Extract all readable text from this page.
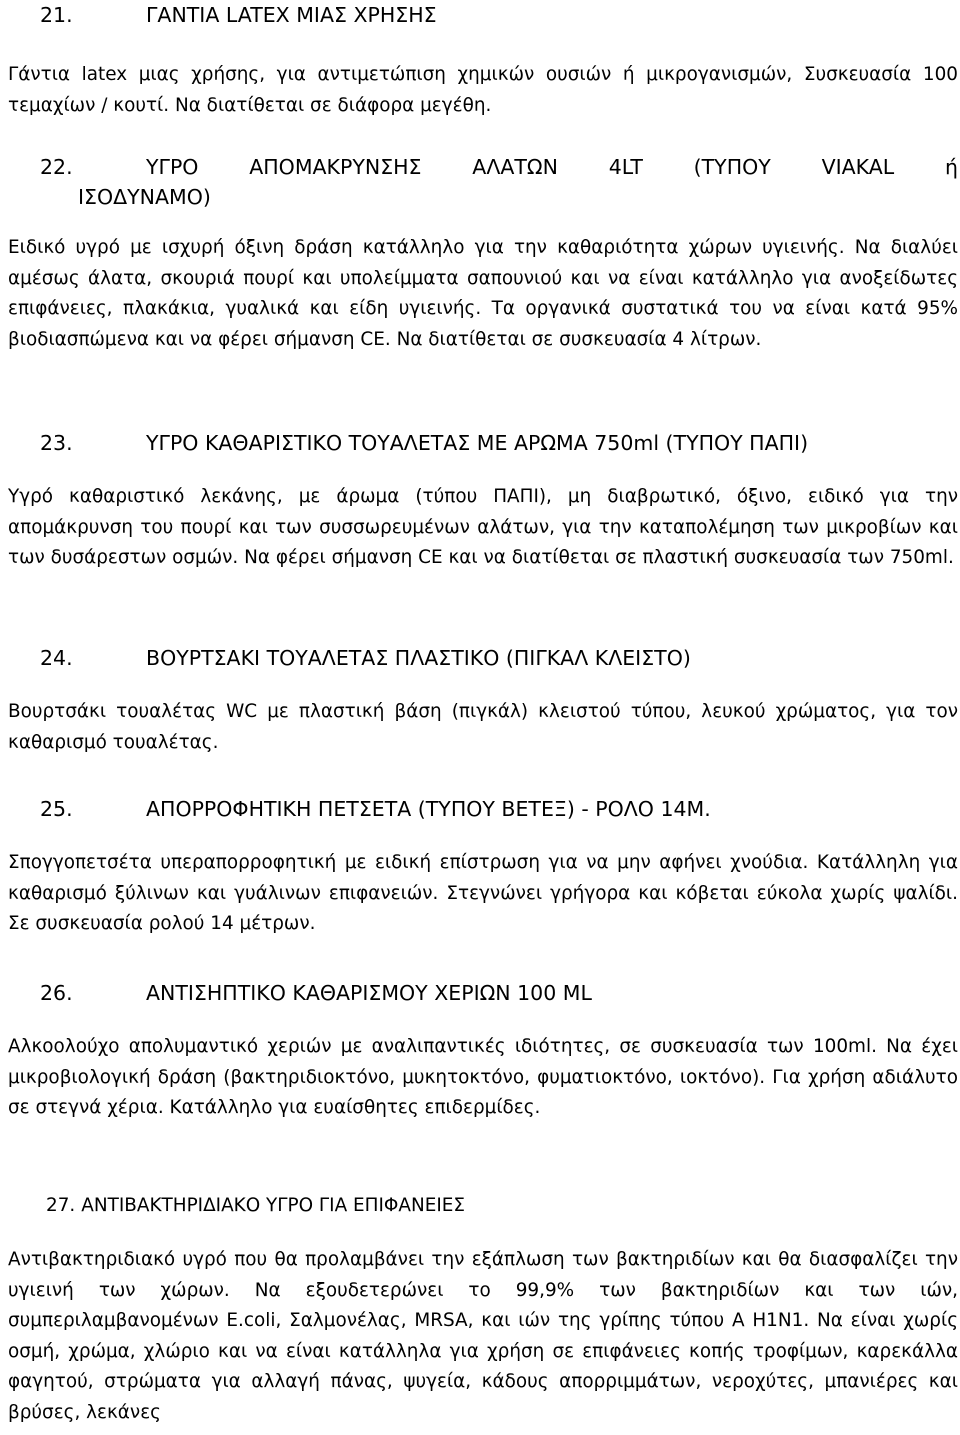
21.	ΓΑΝΤΙΑ LATEX ΜΙΑΣ ΧΡΗΣΗΣ

Γάντια latex μιας χρήσης, για αντιμετώπιση χημικών ουσιών ή μικρογανισμών, Συσκευασία 100 τεμαχίων / κουτί. Να διατίθεται σε διάφορα μεγέθη.

22.	ΥΓΡΟ ΑΠΟΜΑΚΡΥΝΣΗΣ ΑΛΑΤΩΝ 4LT (ΤΥΠΟΥ VIAKAL ή
ΙΣΟΔΥΝΑΜΟ)

Ειδικό υγρό με ισχυρή όξινη δράση κατάλληλο για την καθαριότητα χώρων υγιεινής. Να διαλύει αμέσως άλατα, σκουριά πουρί και υπολείμματα σαπουνιού και να είναι κατάλληλο για ανοξείδωτες επιφάνειες, πλακάκια, γυαλικά και είδη υγιεινής. Τα οργανικά συστατικά του να είναι κατά 95% βιοδιασπώμενα και να φέρει σήμανση CE. Να διατίθεται σε συσκευασία 4 λίτρων.

23.	ΥΓΡΟ ΚΑΘΑΡΙΣΤΙΚΟ ΤΟΥΑΛΕΤΑΣ ΜΕ ΑΡΩΜΑ 750ml (ΤΥΠΟΥ ΠΑΠΙ)

Υγρό καθαριστικό λεκάνης, με άρωμα (τύπου ΠΑΠΙ), μη διαβρωτικό, όξινο, ειδικό για την απομάκρυνση του πουρί και των συσσωρευμένων αλάτων, για την καταπολέμηση των μικροβίων και των δυσάρεστων οσμών. Να φέρει σήμανση CE και να διατίθεται σε πλαστική συσκευασία των 750ml.

24.	ΒΟΥΡΤΣΑΚΙ ΤΟΥΑΛΕΤΑΣ ΠΛΑΣΤΙΚΟ (ΠΙΓΚΑΛ ΚΛΕΙΣΤΟ)

Βουρτσάκι τουαλέτας WC με πλαστική βάση (πιγκάλ) κλειστού τύπου, λευκού χρώματος, για τον καθαρισμό τουαλέτας.

25.	ΑΠΟΡΡΟΦΗΤΙΚΗ ΠΕΤΣΕΤΑ (ΤΥΠΟΥ ΒΕΤΕΞ) - ΡΟΛΟ 14Μ.

Σπογγοπετσέτα υπεραπορροφητική με ειδική επίστρωση για να μην αφήνει χνούδια. Κατάλληλη για καθαρισμό ξύλινων και γυάλινων επιφανειών. Στεγνώνει γρήγορα και κόβεται εύκολα χωρίς ψαλίδι. Σε συσκευασία ρολού 14 μέτρων.

26.	ΑΝΤΙΣΗΠΤΙΚΟ ΚΑΘΑΡΙΣΜΟΥ ΧΕΡΙΩΝ 100 ML

Αλκοολούχο απολυμαντικό χεριών με αναλιπαντικές ιδιότητες, σε συσκευασία των 100ml. Να έχει μικροβιολογική δράση (βακτηριδιοκτόνο, μυκητοκτόνο, φυματιοκτόνο, ιοκτόνο). Για χρήση αδιάλυτο σε στεγνά χέρια. Κατάλληλο για ευαίσθητες επιδερμίδες.

27. ΑΝΤΙΒΑΚΤΗΡΙΔΙΑΚΟ ΥΓΡΟ ΓΙΑ ΕΠΙΦΑΝΕΙΕΣ

Αντιβακτηριδιακό υγρό που θα προλαμβάνει την εξάπλωση των βακτηριδίων και θα διασφαλίζει την υγιεινή των χώρων. Να εξουδετερώνει το 99,9% των βακτηριδίων και των ιών, συμπεριλαμβανομένων E.coli, Σαλμονέλας, MRSA, και ιών της γρίπης τύπου Α Η1Ν1. Να είναι χωρίς οσμή, χρώμα, χλώριο και να είναι κατάλληλα για χρήση σε επιφάνειες κοπής τροφίμων, καρεκάλλα φαγητού, στρώματα για αλλαγή πάνας, ψυγεία, κάδους απορριμμάτων, νεροχύτες, μπανιέρες και βρύσες, λεκάνες
